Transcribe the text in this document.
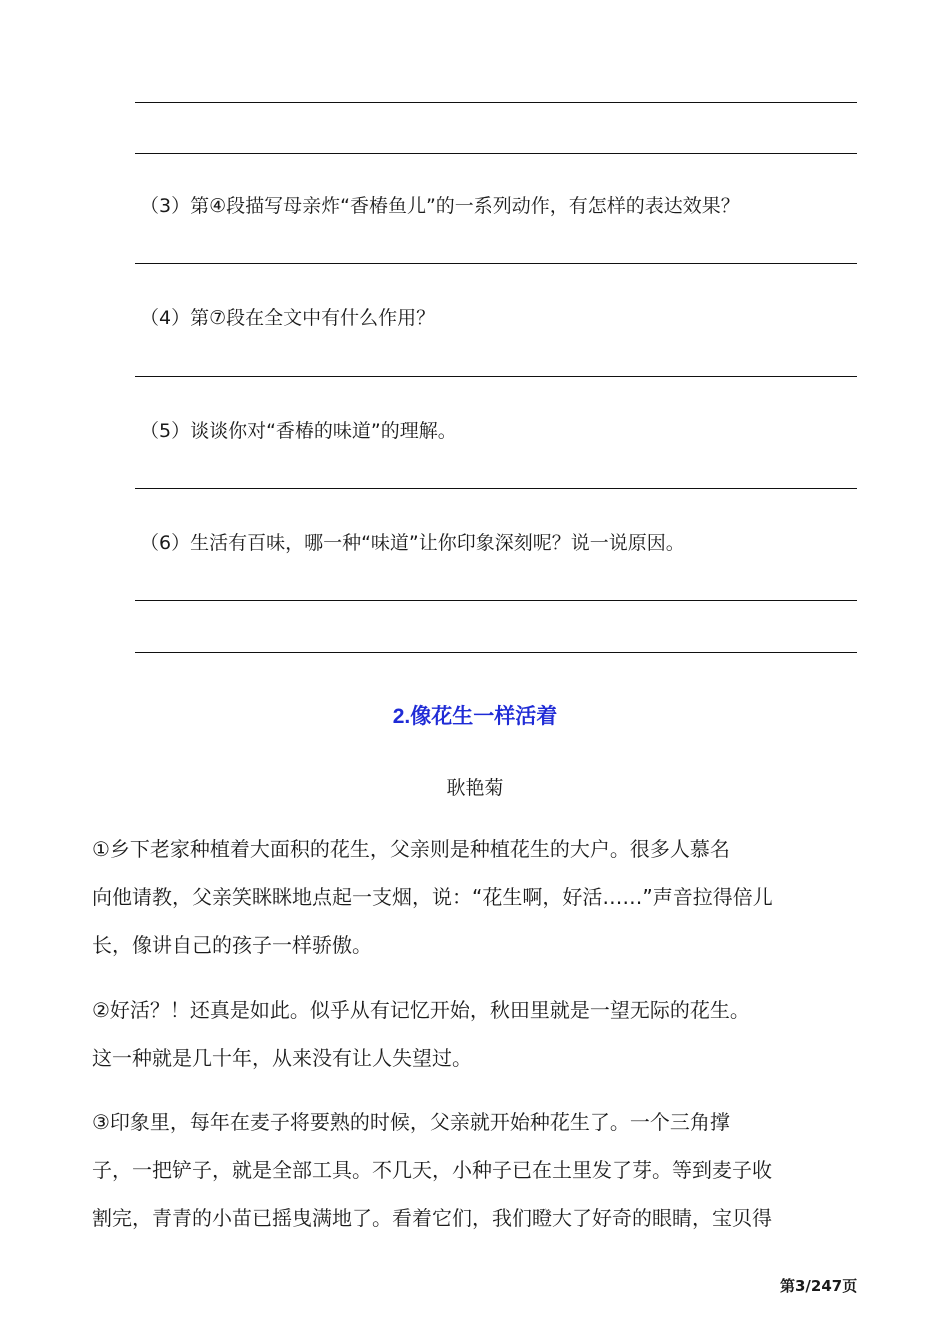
（3）第④段描写母亲炸“香椿鱼儿”的一系列动作，有怎样的表达效果？
（4）第⑦段在全文中有什么作用？
（5）谈谈你对“香椿的味道”的理解。
（6）生活有百味，哪一种“味道”让你印象深刻呢？说一说原因。
2.像花生一样活着
耿艳菊
①乡下老家种植着大面积的花生，父亲则是种植花生的大户。很多人慕名
向他请教，父亲笑眯眯地点起一支烟，说：“花生啊，好活……”声音拉得倍儿
长，像讲自己的孩子一样骄傲。
②好活？！还真是如此。似乎从有记忆开始，秋田里就是一望无际的花生。
这一种就是几十年，从来没有让人失望过。
③印象里，每年在麦子将要熟的时候，父亲就开始种花生了。一个三角撑
子，一把铲子，就是全部工具。不几天，小种子已在土里发了芽。等到麦子收
割完，青青的小苗已摇曳满地了。看着它们，我们瞪大了好奇的眼睛，宝贝得
第3/247页
